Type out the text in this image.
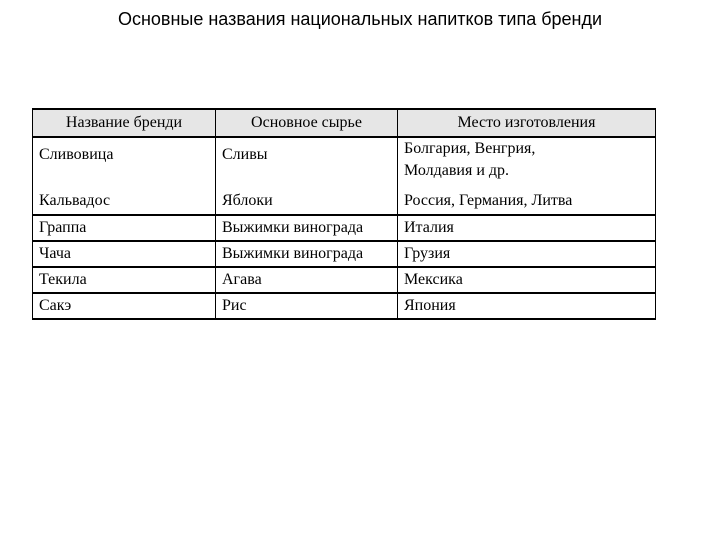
Основные названия национальных напитков типа бренди
Название бренди	Основное сырье	Место изготовления
Сливовица	Сливы	Болгария, Венгрия,
Молдавия и др.

Кальвадос	Яблоки	Россия, Германия, Литва
Граппа	Выжимки винограда	Италия
Чача	Выжимки винограда	Грузия
Текила	Агава	Мексика
Сакэ	Рис	Япония
